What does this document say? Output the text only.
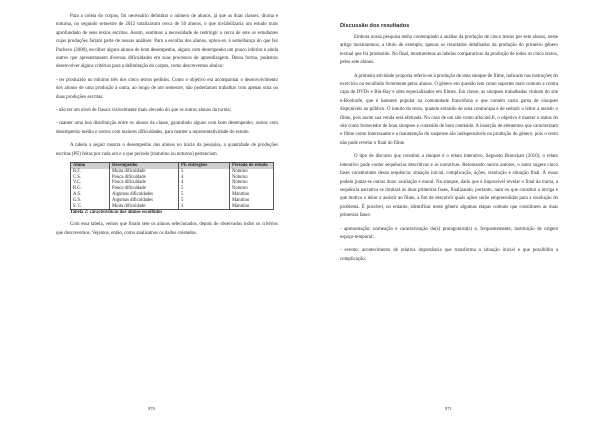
Para a coleta do corpus, foi necessário delimitar o número de alunos, já que as duas classes, diurna e noturna, no segundo semestre de 2012 totalizavam cerca de 50 alunos, o que inviabilizaria um estudo mais aprofundado de seus textos escritos. Assim, sentimos a necessidade de restringir a cerca de sete os estudantes cujas produções fariam parte de nossas análises. Para a escolha dos alunos, optou-se, à semelhança do que fez Pacheco (2008), escolher alguns alunos de bom desempenho, alguns com desempenho um pouco inferior e ainda outros que apresentassem diversas dificuldades em suas processos de aprendizagem. Dessa forma, pudemos desenvolver alguns critérios para a delimitação do corpus, como descrevemos abaixo:

- ter produzido no mínimo três dos cinco textos pedidos. Como o objetivo era acompanhar o desenvolvimento dos alunos de uma produção à outra, ao longo de um semestre, não poderíamos trabalhar com apenas uma ou duas produções escritas;

- não ter um nível de frasais visivelmente mais elevado do que os outros alunos da turma;

- manter uma boa distribuição entre os alunos da classe, garantindo alguns com bom desempenho, outros com desempenho médio e outros com maiores dificuldades, para manter a representatividade do estudo.

A tabela a seguir mostra o desempenho dos alunos no início da pesquisa, a quantidade de produções escritas (PE) feitas por cada um e a que período (matutino ou noturno) pertenciam.

Aluno	Desempenho	PE entregues	Período de estudo
R.F.	Muita dificuldade	5	Noturno
C.S.	Pouca dificuldade	4	Noturno
V.C.	Pouca dificuldade	4	Noturno
R.G.	Pouca dificuldade	5	Noturno
A.S.	Algumas dificuldades	5	Matutino
G.S.	Algumas dificuldades	5	Matutino
S. C.	Muita dificuldade	3	Matutino
Tabela 2: características dos alunos escolhidos

Com essa tabela, vemos que foram sete os alunos selecionados, depois de observados todos os critérios que descrevemos. Vejamos, então, como analisamos os dados coletados.

970
Discussão dos resultados

Embora nossa pesquisa tenha contemplado a análise da produção de cinco textos por sete alunos, neste artigo mostraremos, a título de exemplo, apenas os resultados detalhados da produção do primeiro gênero textual que foi produzido. No final, mostraremos as tabelas comparativas da produção de todos os cinco textos, pelos sete alunos.

A primeira atividade proposta referiu-se à produção de uma sinopse de filme, indicado nas instruções do exercício ou escolhido livremente pelos alunos. O gênero em questão tem como suportes mais comuns a contra capa de DVDs e Blu-Ray e sites especializados em filmes. Em classe, as sinopses trabalhadas vinham do site e-Booloufé, que é bastante popular na comunidade francófona e que contém vasta gama de sinopses disponíveis ao público. O intuito do texto, quando extraído de uma contracapa é de seduzir o leitor a assistir o filme, pois assim sua venda será efetuada. No caso de um site como allociné.fr, o objetivo é manter o status do site como fornecedor de boas sinopses e conteúdo de bom conteúdo. A inserção de elementos que caracterizam o filme como interessante e a manutenção do suspense são indispensáveis na produção do gênero, pois o texto não pode revelar o final do filme.

O tipo de discurso que constitui a sinopse é o relato interativo. Segundo Bronckart (2010), o relato interativo pode conter sequências descritivas e as narrativas. Retomando outros autores, o autor sugere cinco fases constituintes dessa sequência: situação inicial, complicação, ações, resolução e situação final. À essas podem juntar-se outras duas: avaliação e moral. Na sinopse, dado que é impossível revelar o final da trama, a sequência narrativa se limitará às duas primeiras fases, finalizando, portanto, num ou que constituí a intriga e que motiva o leitor a assistir ao filme, a fim de descobrir quais ações serão empreendidas para a resolução do problema. É possível, no entanto, identificar neste gênero algumas etapas comuns que constituem as duas primeiras fases:

- apresentação: nomeação e caracterização do(s) protagonista(s) e, frequentemente, instituição de origem espaço-temporal;

- evento: acontecimento de relativa importância que transforma a situação inicial e que possibilita a complicação;

971
